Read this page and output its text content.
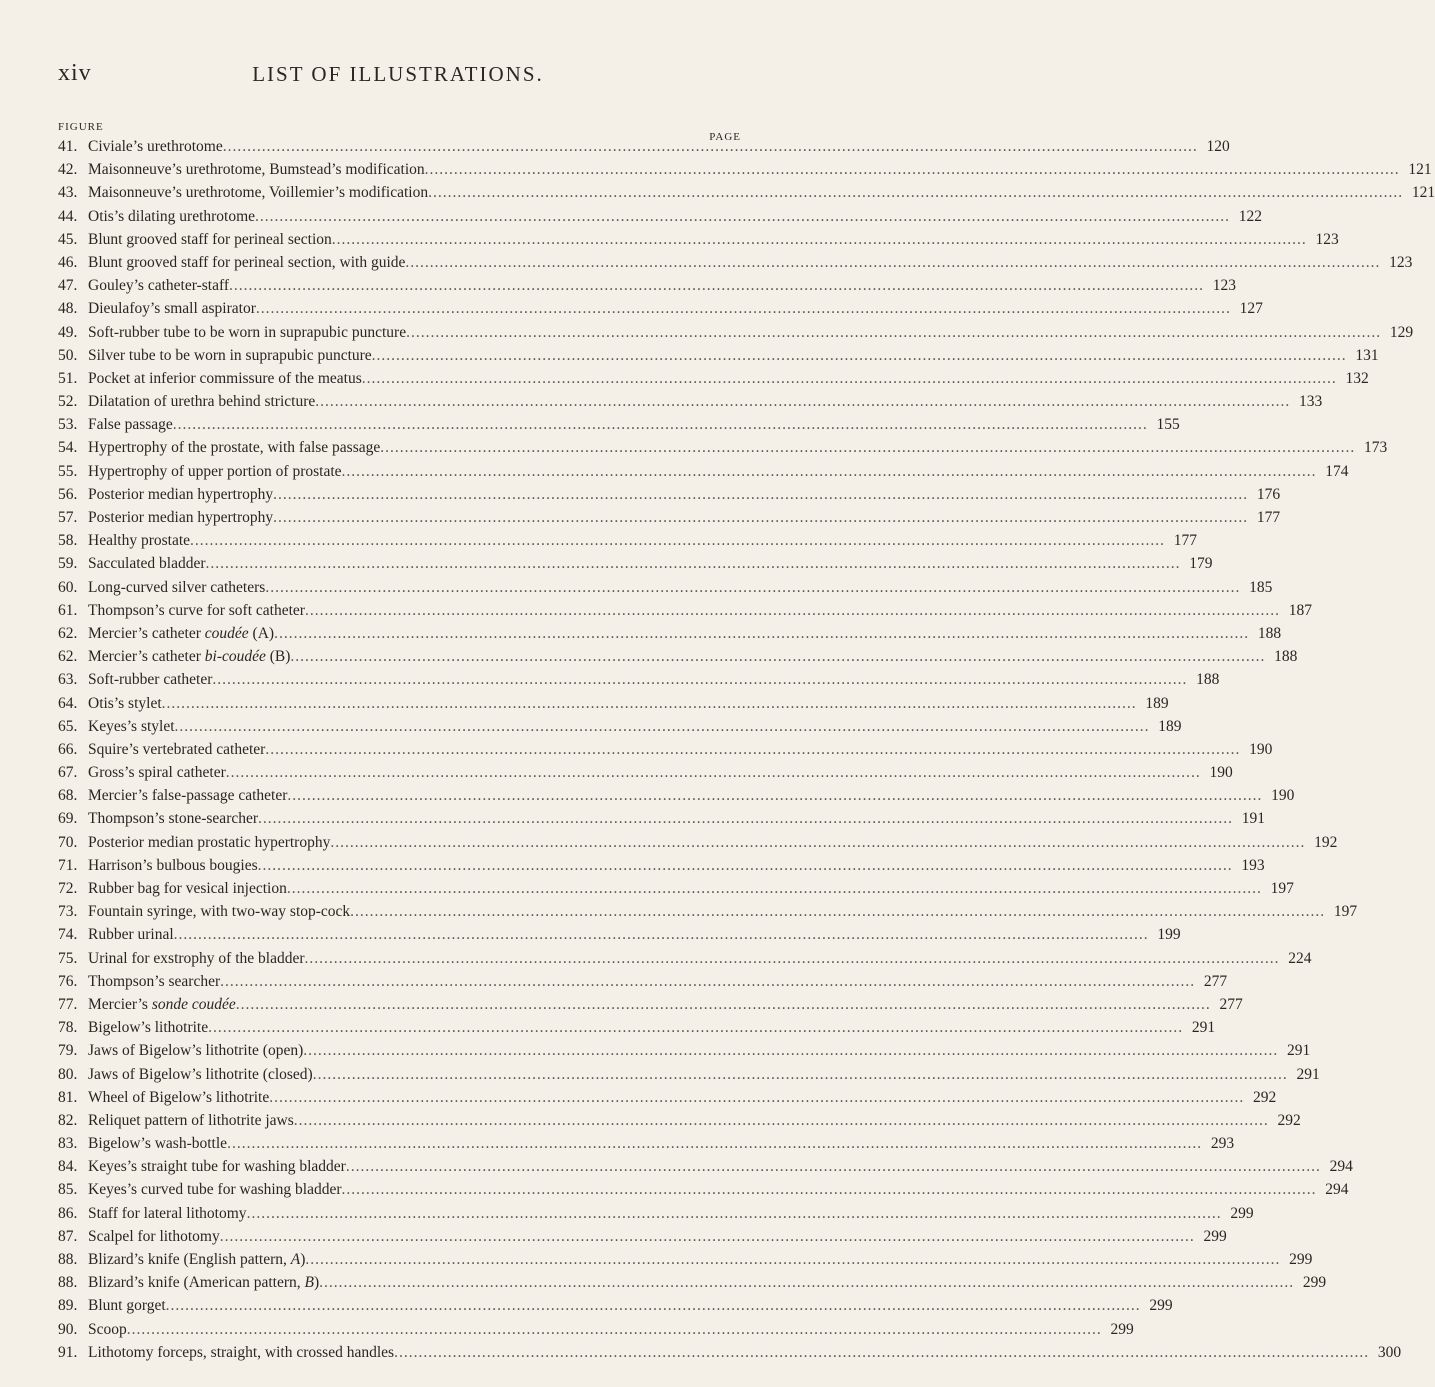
xiv	LIST OF ILLUSTRATIONS.
FIGURE
PAGE
41. Civiale’s urethrotome .....	120
42. Maisonneuve’s urethrotome, Bumstead’s modification .....	121
43. Maisonneuve’s urethrotome, Voillemier’s modification .....	121
44. Otis’s dilating urethrotome .....	122
45. Blunt grooved staff for perineal section .....	123
46. Blunt grooved staff for perineal section, with guide .....	123
47. Gouley’s catheter-staff .....	123
48. Dieulafoy’s small aspirator .....	127
49. Soft-rubber tube to be worn in suprapubic puncture .....	129
50. Silver tube to be worn in suprapubic puncture .....	131
51. Pocket at inferior commissure of the meatus .....	132
52. Dilatation of urethra behind stricture .....	133
53. False passage .....	155
54. Hypertrophy of the prostate, with false passage .....	173
55. Hypertrophy of upper portion of prostate .....	174
56. Posterior median hypertrophy .....	176
57. Posterior median hypertrophy .....	177
58. Healthy prostate .....	177
59. Sacculated bladder .....	179
60. Long-curved silver catheters .....	185
61. Thompson’s curve for soft catheter .....	187
62. Mercier’s catheter coudée (A) .....	188
62. Mercier’s catheter bi-coudée (B) .....	188
63. Soft-rubber catheter .....	188
64. Otis’s stylet .....	189
65. Keyes’s stylet .....	189
66. Squire’s vertebrated catheter .....	190
67. Gross’s spiral catheter .....	190
68. Mercier’s false-passage catheter .....	190
69. Thompson’s stone-searcher .....	191
70. Posterior median prostatic hypertrophy .....	192
71. Harrison’s bulbous bougies .....	193
72. Rubber bag for vesical injection .....	197
73. Fountain syringe, with two-way stop-cock .....	197
74. Rubber urinal .....	199
75. Urinal for exstrophy of the bladder .....	224
76. Thompson’s searcher .....	277
77. Mercier’s sonde coudée .....	277
78. Bigelow’s lithotrite .....	291
79. Jaws of Bigelow’s lithotrite (open) .....	291
80. Jaws of Bigelow’s lithotrite (closed) .....	291
81. Wheel of Bigelow’s lithotrite .....	292
82. Reliquet pattern of lithotrite jaws .....	292
83. Bigelow’s wash-bottle .....	293
84. Keyes’s straight tube for washing bladder .....	294
85. Keyes’s curved tube for washing bladder .....	294
86. Staff for lateral lithotomy .....	299
87. Scalpel for lithotomy .....	299
88. Blizard’s knife (English pattern, A) .....	299
88. Blizard’s knife (American pattern, B) .....	299
89. Blunt gorget .....	299
90. Scoop .....	299
91. Lithotomy forceps, straight, with crossed handles .....	300
